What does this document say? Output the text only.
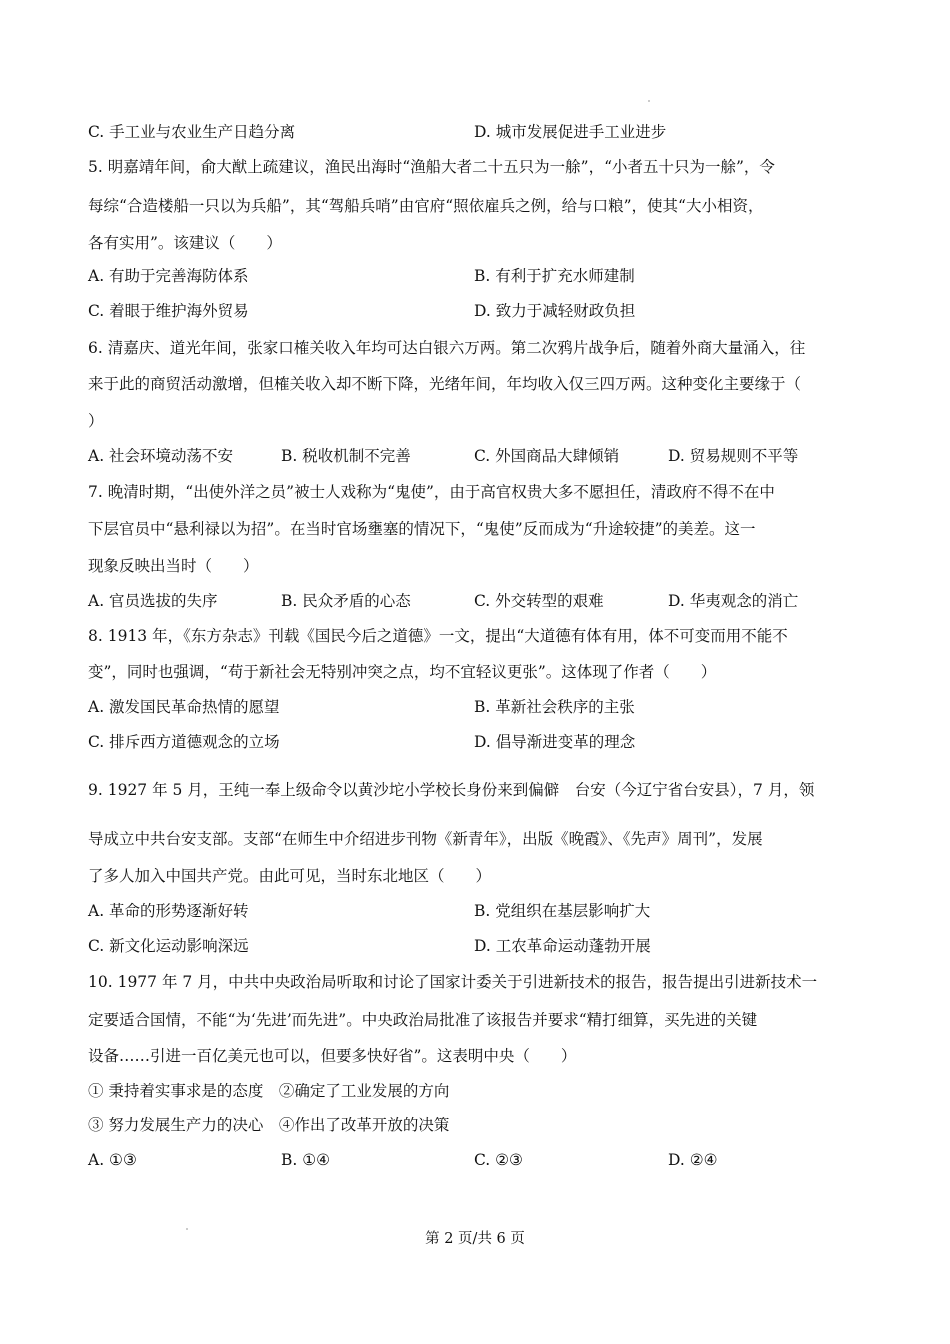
C. 手工业与农业生产日趋分离	D. 城市发展促进手工业进步
5. 明嘉靖年间，俞大猷上疏建议，渔民出海时“渔船大者二十五只为一艅”，“小者五十只为一艅”，令
每综“合造楼船一只以为兵船”，其“驾船兵哨”由官府“照依雇兵之例，给与口粮”，使其“大小相资，
各有实用”。该建议（　　）
A. 有助于完善海防体系	B. 有利于扩充水师建制
C. 着眼于维护海外贸易	D. 致力于减轻财政负担
6. 清嘉庆、道光年间，张家口榷关收入年均可达白银六万两。第二次鸦片战争后，随着外商大量涌入，往
来于此的商贸活动激增，但榷关收入却不断下降，光绪年间，年均收入仅三四万两。这种变化主要缘于（
）
A. 社会环境动荡不安	B. 税收机制不完善	C. 外国商品大肆倾销	D. 贸易规则不平等
7. 晚清时期，“出使外洋之员”被士人戏称为“鬼使”，由于高官权贵大多不愿担任，清政府不得不在中
下层官员中“悬利禄以为招”。在当时官场壅塞的情况下，“鬼使”反而成为“升途较捷”的美差。这一
现象反映出当时（　　）
A. 官员选拔的失序	B. 民众矛盾的心态	C. 外交转型的艰难	D. 华夷观念的消亡
8. 1913 年，《东方杂志》刊载《国民今后之道德》一文，提出“大道德有体有用，体不可变而用不能不
变”，同时也强调，“苟于新社会无特别冲突之点，均不宜轻议更张”。这体现了作者（　　）
A. 激发国民革命热情的愿望	B. 革新社会秩序的主张
C. 排斥西方道德观念的立场	D. 倡导渐进变革的理念
9. 1927 年 5 月，王纯一奉上级命令以黄沙坨小学校长身份来到偏僻　台安（今辽宁省台安县），7 月，领
导成立中共台安支部。支部“在师生中介绍进步刊物《新青年》，出版《晚霞》、《先声》周刊”，发展
了多人加入中国共产党。由此可见，当时东北地区（　　）
A. 革命的形势逐渐好转	B. 党组织在基层影响扩大
C. 新文化运动影响深远	D. 工农革命运动蓬勃开展
10. 1977 年 7 月，中共中央政治局听取和讨论了国家计委关于引进新技术的报告，报告提出引进新技术一
定要适合国情，不能“为‘先进’而先进”。中央政治局批准了该报告并要求“精打细算，买先进的关键
设备……引进一百亿美元也可以，但要多快好省”。这表明中央（　　）
① 秉持着实事求是的态度　②确定了工业发展的方向
③ 努力发展生产力的决心　④作出了改革开放的决策
A. ①③	B. ①④	C. ②③	D. ②④
第 2 页/共 6 页
